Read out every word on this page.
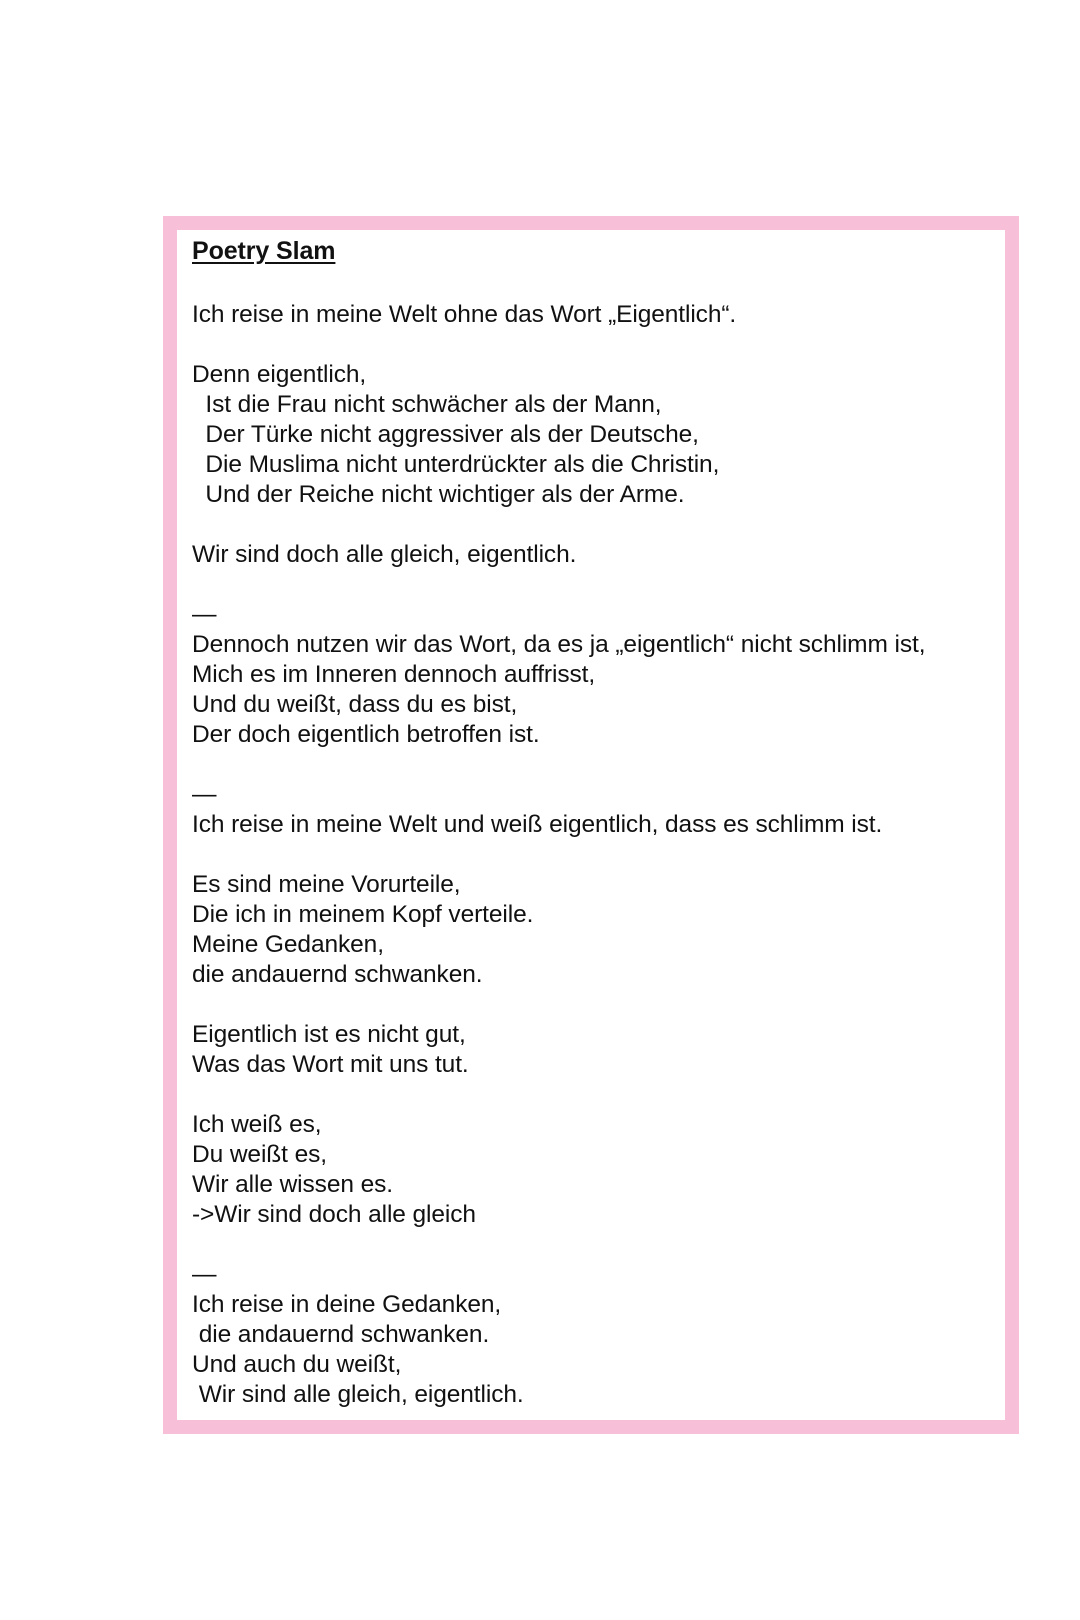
Poetry Slam
Ich reise in meine Welt ohne das Wort „Eigentlich“.
Denn eigentlich,
Ist die Frau nicht schwächer als der Mann,
Der Türke nicht aggressiver als der Deutsche,
Die Muslima nicht unterdrückter als die Christin,
Und der Reiche nicht wichtiger als der Arme.
Wir sind doch alle gleich, eigentlich.
—
Dennoch nutzen wir das Wort, da es ja „eigentlich“ nicht schlimm ist,
Mich es im Inneren dennoch auffrisst,
Und du weißt, dass du es bist,
Der doch eigentlich betroffen ist.
—
Ich reise in meine Welt und weiß eigentlich, dass es schlimm ist.
Es sind meine Vorurteile,
Die ich in meinem Kopf verteile.
Meine Gedanken,
die andauernd schwanken.
Eigentlich ist es nicht gut,
Was das Wort mit uns tut.
Ich weiß es,
Du weißt es,
Wir alle wissen es.
->Wir sind doch alle gleich
—
Ich reise in deine Gedanken,
die andauernd schwanken.
Und auch du weißt,
Wir sind alle gleich, eigentlich.
